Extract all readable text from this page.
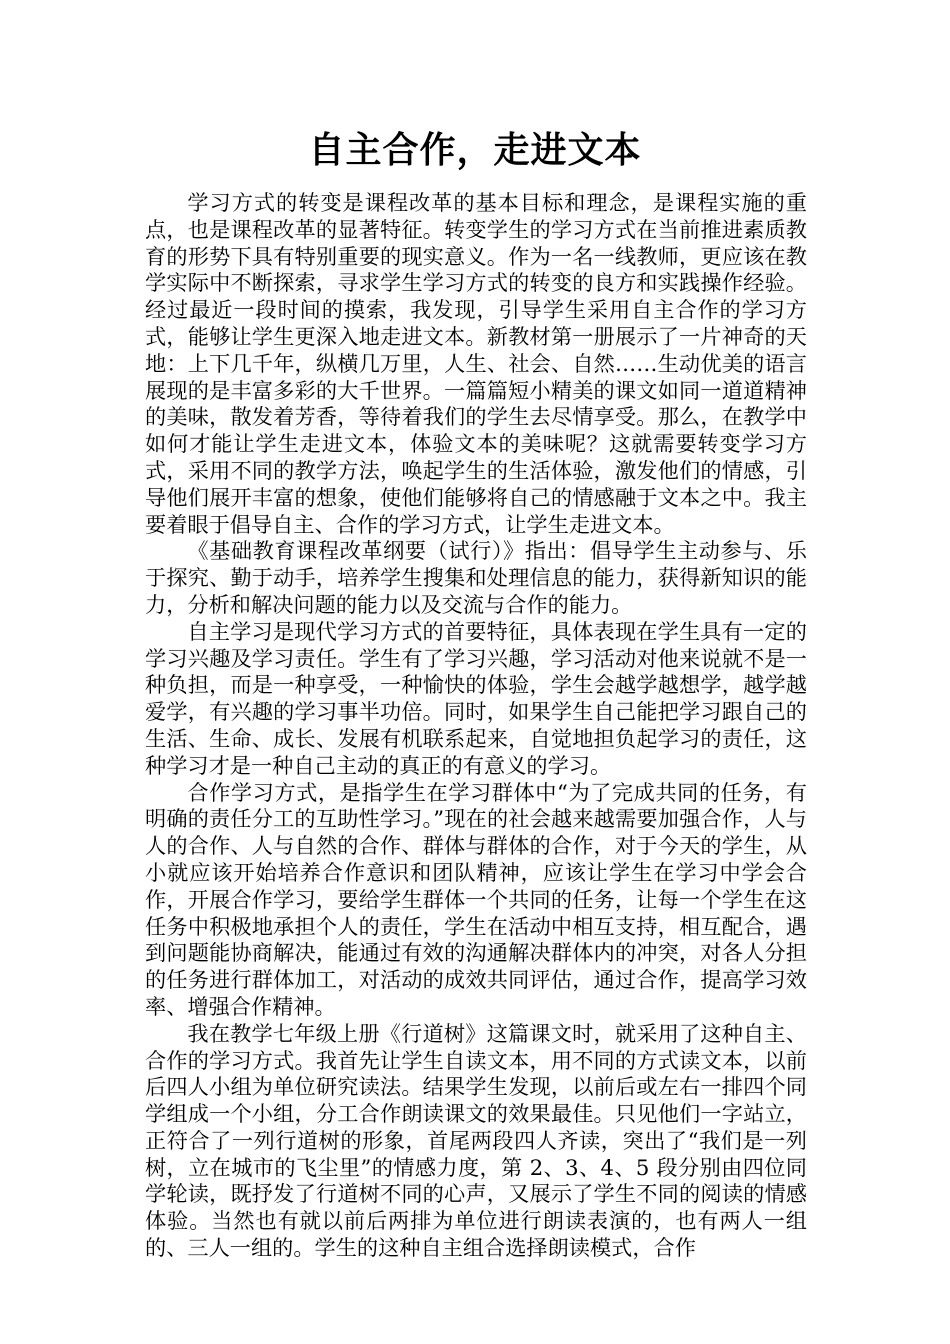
自主合作，走进文本

学习方式的转变是课程改革的基本目标和理念，是课程实施的重点，也是课程改革的显著特征。转变学生的学习方式在当前推进素质教育的形势下具有特别重要的现实意义。作为一名一线教师，更应该在教学实际中不断探索，寻求学生学习方式的转变的良方和实践操作经验。经过最近一段时间的摸索，我发现，引导学生采用自主合作的学习方式，能够让学生更深入地走进文本。新教材第一册展示了一片神奇的天地：上下几千年，纵横几万里，人生、社会、自然……生动优美的语言展现的是丰富多彩的大千世界。一篇篇短小精美的课文如同一道道精神的美味，散发着芳香，等待着我们的学生去尽情享受。那么，在教学中如何才能让学生走进文本，体验文本的美味呢？这就需要转变学习方式，采用不同的教学方法，唤起学生的生活体验，激发他们的情感，引导他们展开丰富的想象，使他们能够将自己的情感融于文本之中。我主要着眼于倡导自主、合作的学习方式，让学生走进文本。

《基础教育课程改革纲要（试行）》指出：倡导学生主动参与、乐于探究、勤于动手，培养学生搜集和处理信息的能力，获得新知识的能力，分析和解决问题的能力以及交流与合作的能力。

自主学习是现代学习方式的首要特征，具体表现在学生具有一定的学习兴趣及学习责任。学生有了学习兴趣，学习活动对他来说就不是一种负担，而是一种享受，一种愉快的体验，学生会越学越想学，越学越爱学，有兴趣的学习事半功倍。同时，如果学生自己能把学习跟自己的生活、生命、成长、发展有机联系起来，自觉地担负起学习的责任，这种学习才是一种自己主动的真正的有意义的学习。

合作学习方式，是指学生在学习群体中“为了完成共同的任务，有明确的责任分工的互助性学习。”现在的社会越来越需要加强合作，人与人的合作、人与自然的合作、群体与群体的合作，对于今天的学生，从小就应该开始培养合作意识和团队精神，应该让学生在学习中学会合作，开展合作学习，要给学生群体一个共同的任务，让每一个学生在这任务中积极地承担个人的责任，学生在活动中相互支持，相互配合，遇到问题能协商解决，能通过有效的沟通解决群体内的冲突，对各人分担的任务进行群体加工，对活动的成效共同评估，通过合作，提高学习效率、增强合作精神。

我在教学七年级上册《行道树》这篇课文时，就采用了这种自主、合作的学习方式。我首先让学生自读文本，用不同的方式读文本，以前后四人小组为单位研究读法。结果学生发现，以前后或左右一排四个同学组成一个小组，分工合作朗读课文的效果最佳。只见他们一字站立，正符合了一列行道树的形象，首尾两段四人齐读，突出了“我们是一列树，立在城市的飞尘里”的情感力度，第 2、3、4、5 段分别由四位同学轮读，既抒发了行道树不同的心声，又展示了学生不同的阅读的情感体验。当然也有就以前后两排为单位进行朗读表演的，也有两人一组的、三人一组的。学生的这种自主组合选择朗读模式，合作
